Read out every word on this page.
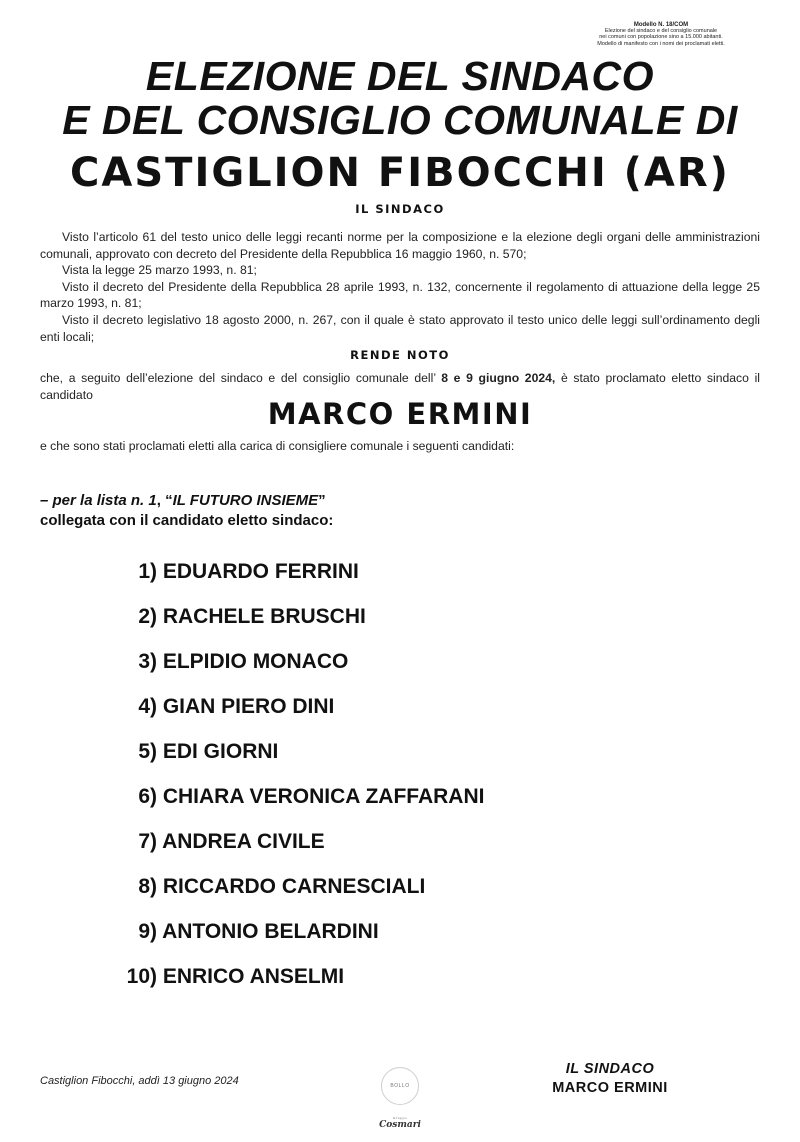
Modello N. 18/COM
Elezione del sindaco e del consiglio comunale
nei comuni con popolazione sino a 15.000 abitanti.
Modello di manifesto con i nomi dei proclamati eletti.
ELEZIONE DEL SINDACO
E DEL CONSIGLIO COMUNALE DI
CASTIGLION FIBOCCHI (AR)
IL SINDACO

Visto l’articolo 61 del testo unico delle leggi recanti norme per la composizione e la elezione degli organi delle amministrazioni comunali, approvato con decreto del Presidente della Repubblica 16 maggio 1960, n. 570;

Vista la legge 25 marzo 1993, n. 81;

Visto il decreto del Presidente della Repubblica 28 aprile 1993, n. 132, concernente il regolamento di attuazione della legge 25 marzo 1993, n. 81;

Visto il decreto legislativo 18 agosto 2000, n. 267, con il quale è stato approvato il testo unico delle leggi sull’ordinamento degli enti locali;

RENDE NOTO

che, a seguito dell’elezione del sindaco e del consiglio comunale dell’ 8 e 9 giugno 2024, è stato proclamato eletto sindaco il candidato

MARCO ERMINI
e che sono stati proclamati eletti alla carica di consigliere comunale i seguenti candidati:
– per la lista n. 1, “IL FUTURO INSIEME”
collegata con il candidato eletto sindaco:
1) EDUARDO FERRINI
2) RACHELE BRUSCHI
3) ELPIDIO MONACO
4) GIAN PIERO DINI
5) EDI GIORNI
6) CHIARA VERONICA ZAFFARANI
7) ANDREA CIVILE
8) RICCARDO CARNESCIALI
9) ANTONIO BELARDINI
10) ENRICO ANSELMI
Castiglion Fibocchi, addì 13 giugno 2024	BOLLO
Gruppo
Cosmari
IL SINDACO
MARCO ERMINI
